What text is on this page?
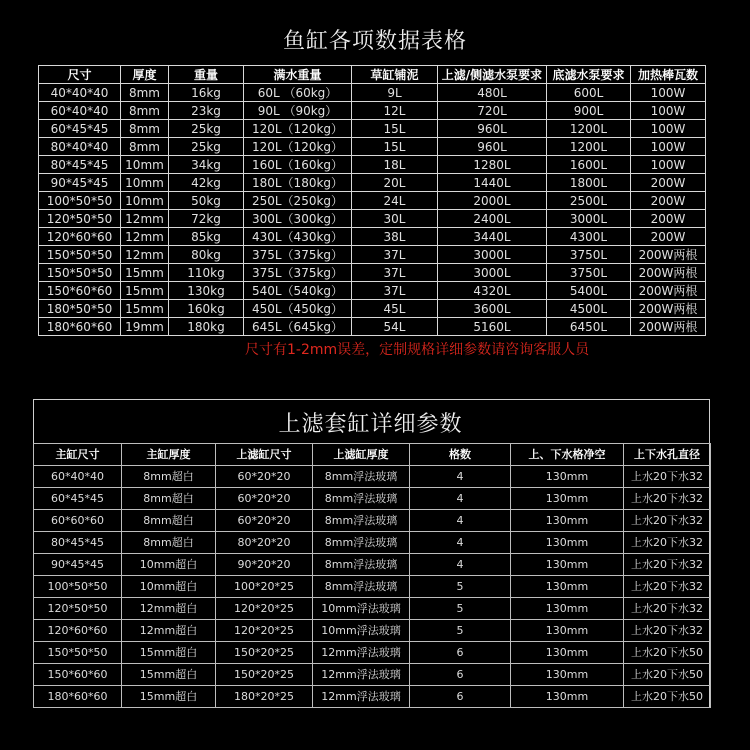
鱼缸各项数据表格
尺寸	厚度	重量	满水重量	草缸铺泥	上滤/侧滤水泵要求	底滤水泵要求	加热棒瓦数
40*40*40	8mm	16kg	60L （60kg）	9L	480L	600L	100W
60*40*40	8mm	23kg	90L （90kg）	12L	720L	900L	100W
60*45*45	8mm	25kg	120L（120kg）	15L	960L	1200L	100W
80*40*40	8mm	25kg	120L（120kg）	15L	960L	1200L	100W
80*45*45	10mm	34kg	160L（160kg）	18L	1280L	1600L	100W
90*45*45	10mm	42kg	180L（180kg）	20L	1440L	1800L	200W
100*50*50	10mm	50kg	250L（250kg）	24L	2000L	2500L	200W
120*50*50	12mm	72kg	300L（300kg）	30L	2400L	3000L	200W
120*60*60	12mm	85kg	430L（430kg）	38L	3440L	4300L	200W
150*50*50	12mm	80kg	375L（375kg）	37L	3000L	3750L	200W两根
150*50*50	15mm	110kg	375L（375kg）	37L	3000L	3750L	200W两根
150*60*60	15mm	130kg	540L（540kg）	37L	4320L	5400L	200W两根
180*50*50	15mm	160kg	450L（450kg）	45L	3600L	4500L	200W两根
180*60*60	19mm	180kg	645L（645kg）	54L	5160L	6450L	200W两根
尺寸有1-2mm误差，定制规格详细参数请咨询客服人员
上滤套缸详细参数
主缸尺寸	主缸厚度	上滤缸尺寸	上滤缸厚度	格数	上、下水格净空	上下水孔直径
60*40*40	8mm超白	60*20*20	8mm浮法玻璃	4	130mm	上水20下水32
60*45*45	8mm超白	60*20*20	8mm浮法玻璃	4	130mm	上水20下水32
60*60*60	8mm超白	60*20*20	8mm浮法玻璃	4	130mm	上水20下水32
80*45*45	8mm超白	80*20*20	8mm浮法玻璃	4	130mm	上水20下水32
90*45*45	10mm超白	90*20*20	8mm浮法玻璃	4	130mm	上水20下水32
100*50*50	10mm超白	100*20*25	8mm浮法玻璃	5	130mm	上水20下水32
120*50*50	12mm超白	120*20*25	10mm浮法玻璃	5	130mm	上水20下水32
120*60*60	12mm超白	120*20*25	10mm浮法玻璃	5	130mm	上水20下水32
150*50*50	15mm超白	150*20*25	12mm浮法玻璃	6	130mm	上水20下水50
150*60*60	15mm超白	150*20*25	12mm浮法玻璃	6	130mm	上水20下水50
180*60*60	15mm超白	180*20*25	12mm浮法玻璃	6	130mm	上水20下水50
